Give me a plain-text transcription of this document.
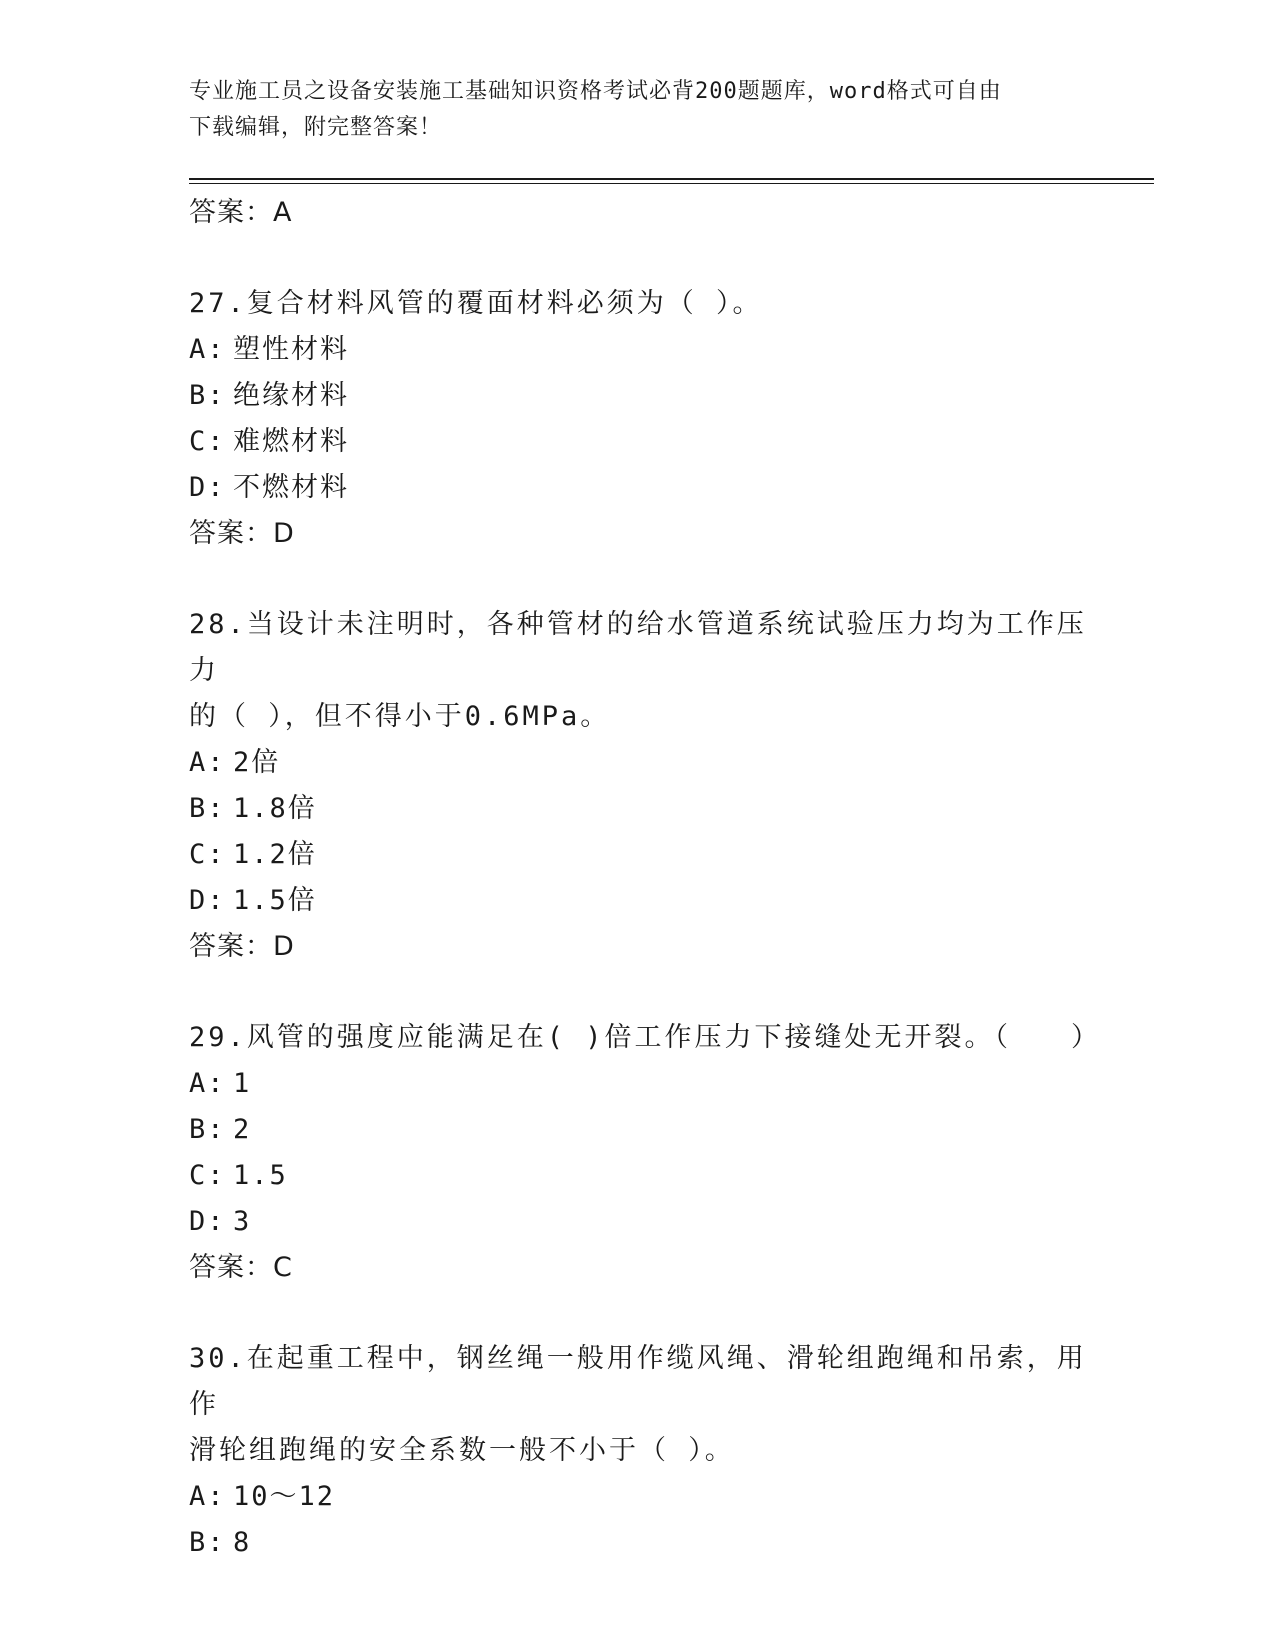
专业施工员之设备安装施工基础知识资格考试必背200题题库，word格式可自由
下载编辑，附完整答案！
答案：A
27.复合材料风管的覆面材料必须为（ ）。
A: 塑性材料
B: 绝缘材料
C: 难燃材料
D: 不燃材料
答案：D
28.当设计未注明时，各种管材的给水管道系统试验压力均为工作压力
的（ ），但不得小于0.6MPa。
A: 2倍
B: 1.8倍
C: 1.2倍
D: 1.5倍
答案：D
29.风管的强度应能满足在( )倍工作压力下接缝处无开裂。（　　）
A: 1
B: 2
C: 1.5
D: 3
答案：C
30.在起重工程中，钢丝绳一般用作缆风绳、滑轮组跑绳和吊索，用作
滑轮组跑绳的安全系数一般不小于（ ）。
A: 10～12
B: 8
